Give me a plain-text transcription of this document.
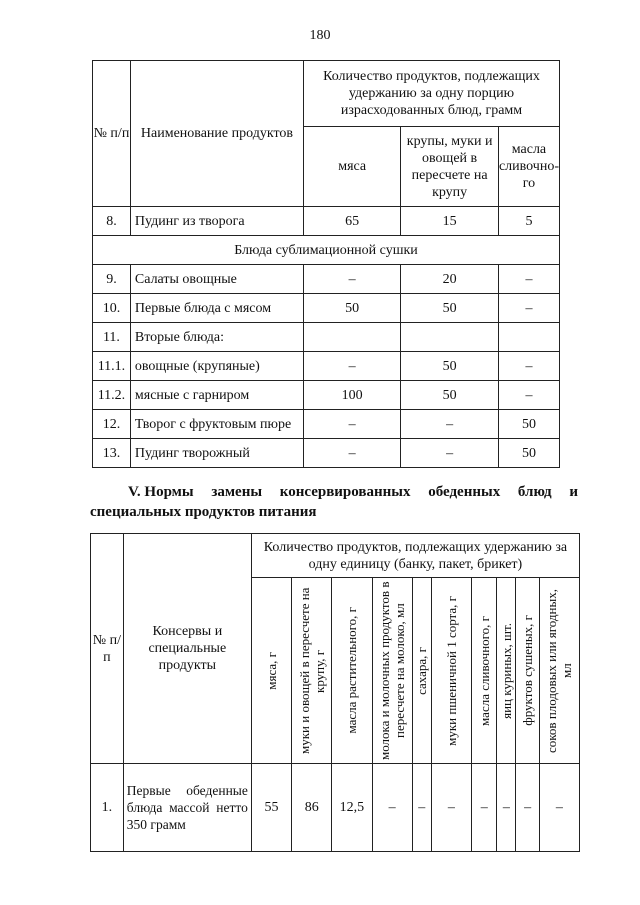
180
№ п/п	Наименование продуктов	Количество продуктов, подлежащих удержанию за одну порцию израсходованных блюд, грамм		
		мяса	крупы, муки и овощей в пересчете на крупу	масла сливочно-го
8.	Пудинг из творога	65	15	5
Блюда сублимационной сушки				
9.	Салаты овощные	–	20	–
10.	Первые блюда с мясом	50	50	–
11.	Вторые блюда:			
11.1.	овощные (крупяные)	–	50	–
11.2.	мясные с гарниром	100	50	–
12.	Творог с фруктовым пюре	–	–	50
13.	Пудинг творожный	–	–	50
V. Нормы замены консервированных обеденных блюд и
специальных продуктов питания
№ п/п	Консервы и специальные продукты	Количество продуктов, подлежащих удержанию за одну единицу (банку, пакет, брикет)									

		мяса, г	муки и овощей в пересчете на крупу, г	масла растительного, г	молока и молочных продуктов в пересчете на молоко, мл	сахара, г	муки пшеничной 1 сорта, г	масла сливочного, г	яиц куриных, шт.	фруктов сушеных, г	соков плодовых или ягодных, мл

1.	Первые обеденные блюда массой нетто 350 грамм	55	86	12,5	–	–	–	–	–	–	–
